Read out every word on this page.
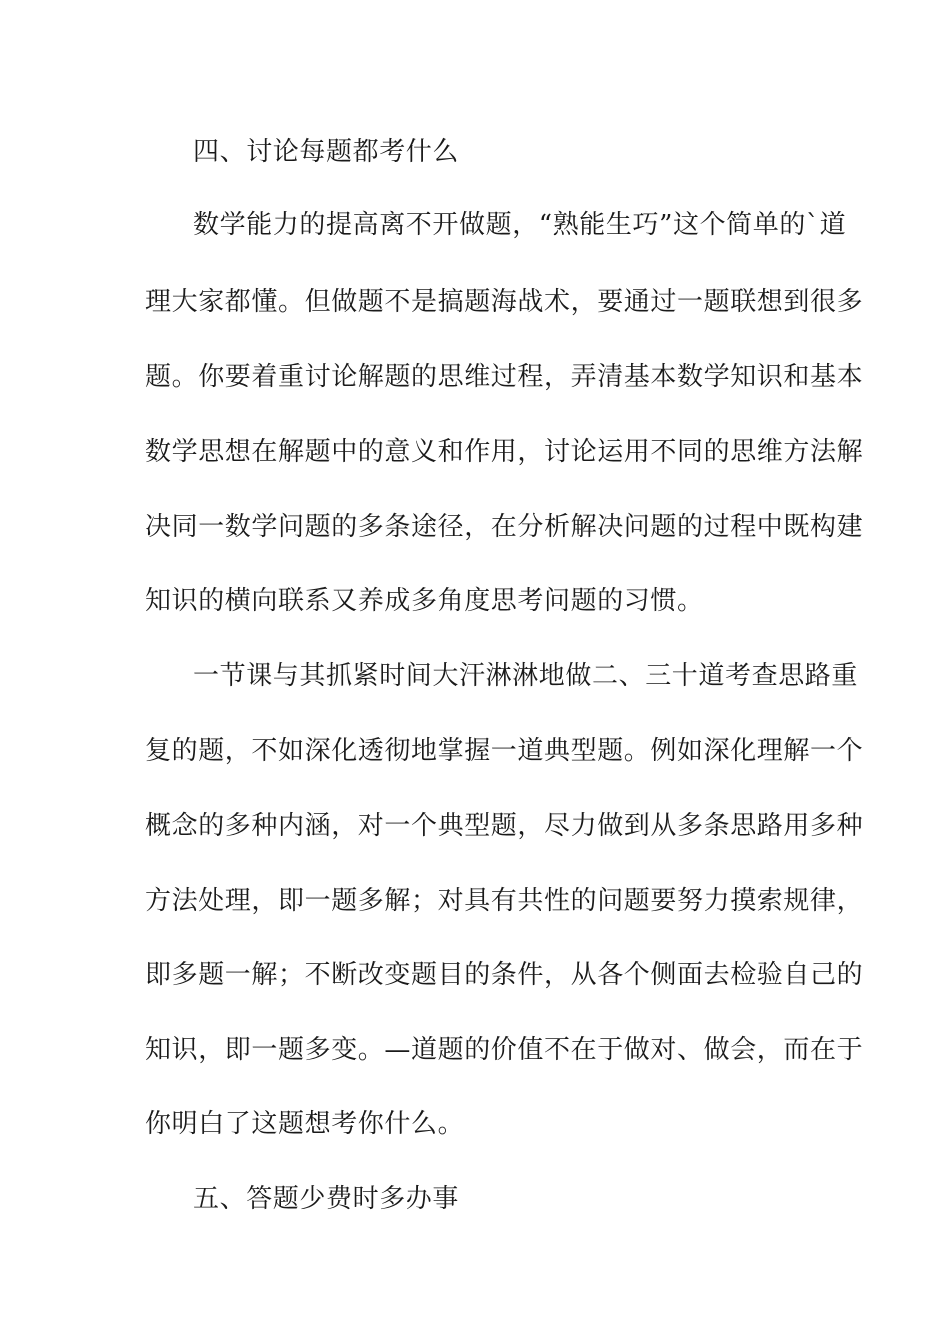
四、讨论每题都考什么
数学能力的提高离不开做题，“熟能生巧”这个简单的`道
理大家都懂。但做题不是搞题海战术，要通过一题联想到很多
题。你要着重讨论解题的思维过程，弄清基本数学知识和基本
数学思想在解题中的意义和作用，讨论运用不同的思维方法解
决同一数学问题的多条途径，在分析解决问题的过程中既构建
知识的横向联系又养成多角度思考问题的习惯。
一节课与其抓紧时间大汗淋淋地做二、三十道考查思路重
复的题，不如深化透彻地掌握一道典型题。例如深化理解一个
概念的多种内涵，对一个典型题，尽力做到从多条思路用多种
方法处理，即一题多解；对具有共性的问题要努力摸索规律，
即多题一解；不断改变题目的条件，从各个侧面去检验自己的
知识，即一题多变。—道题的价值不在于做对、做会，而在于
你明白了这题想考你什么。
五、答题少费时多办事
